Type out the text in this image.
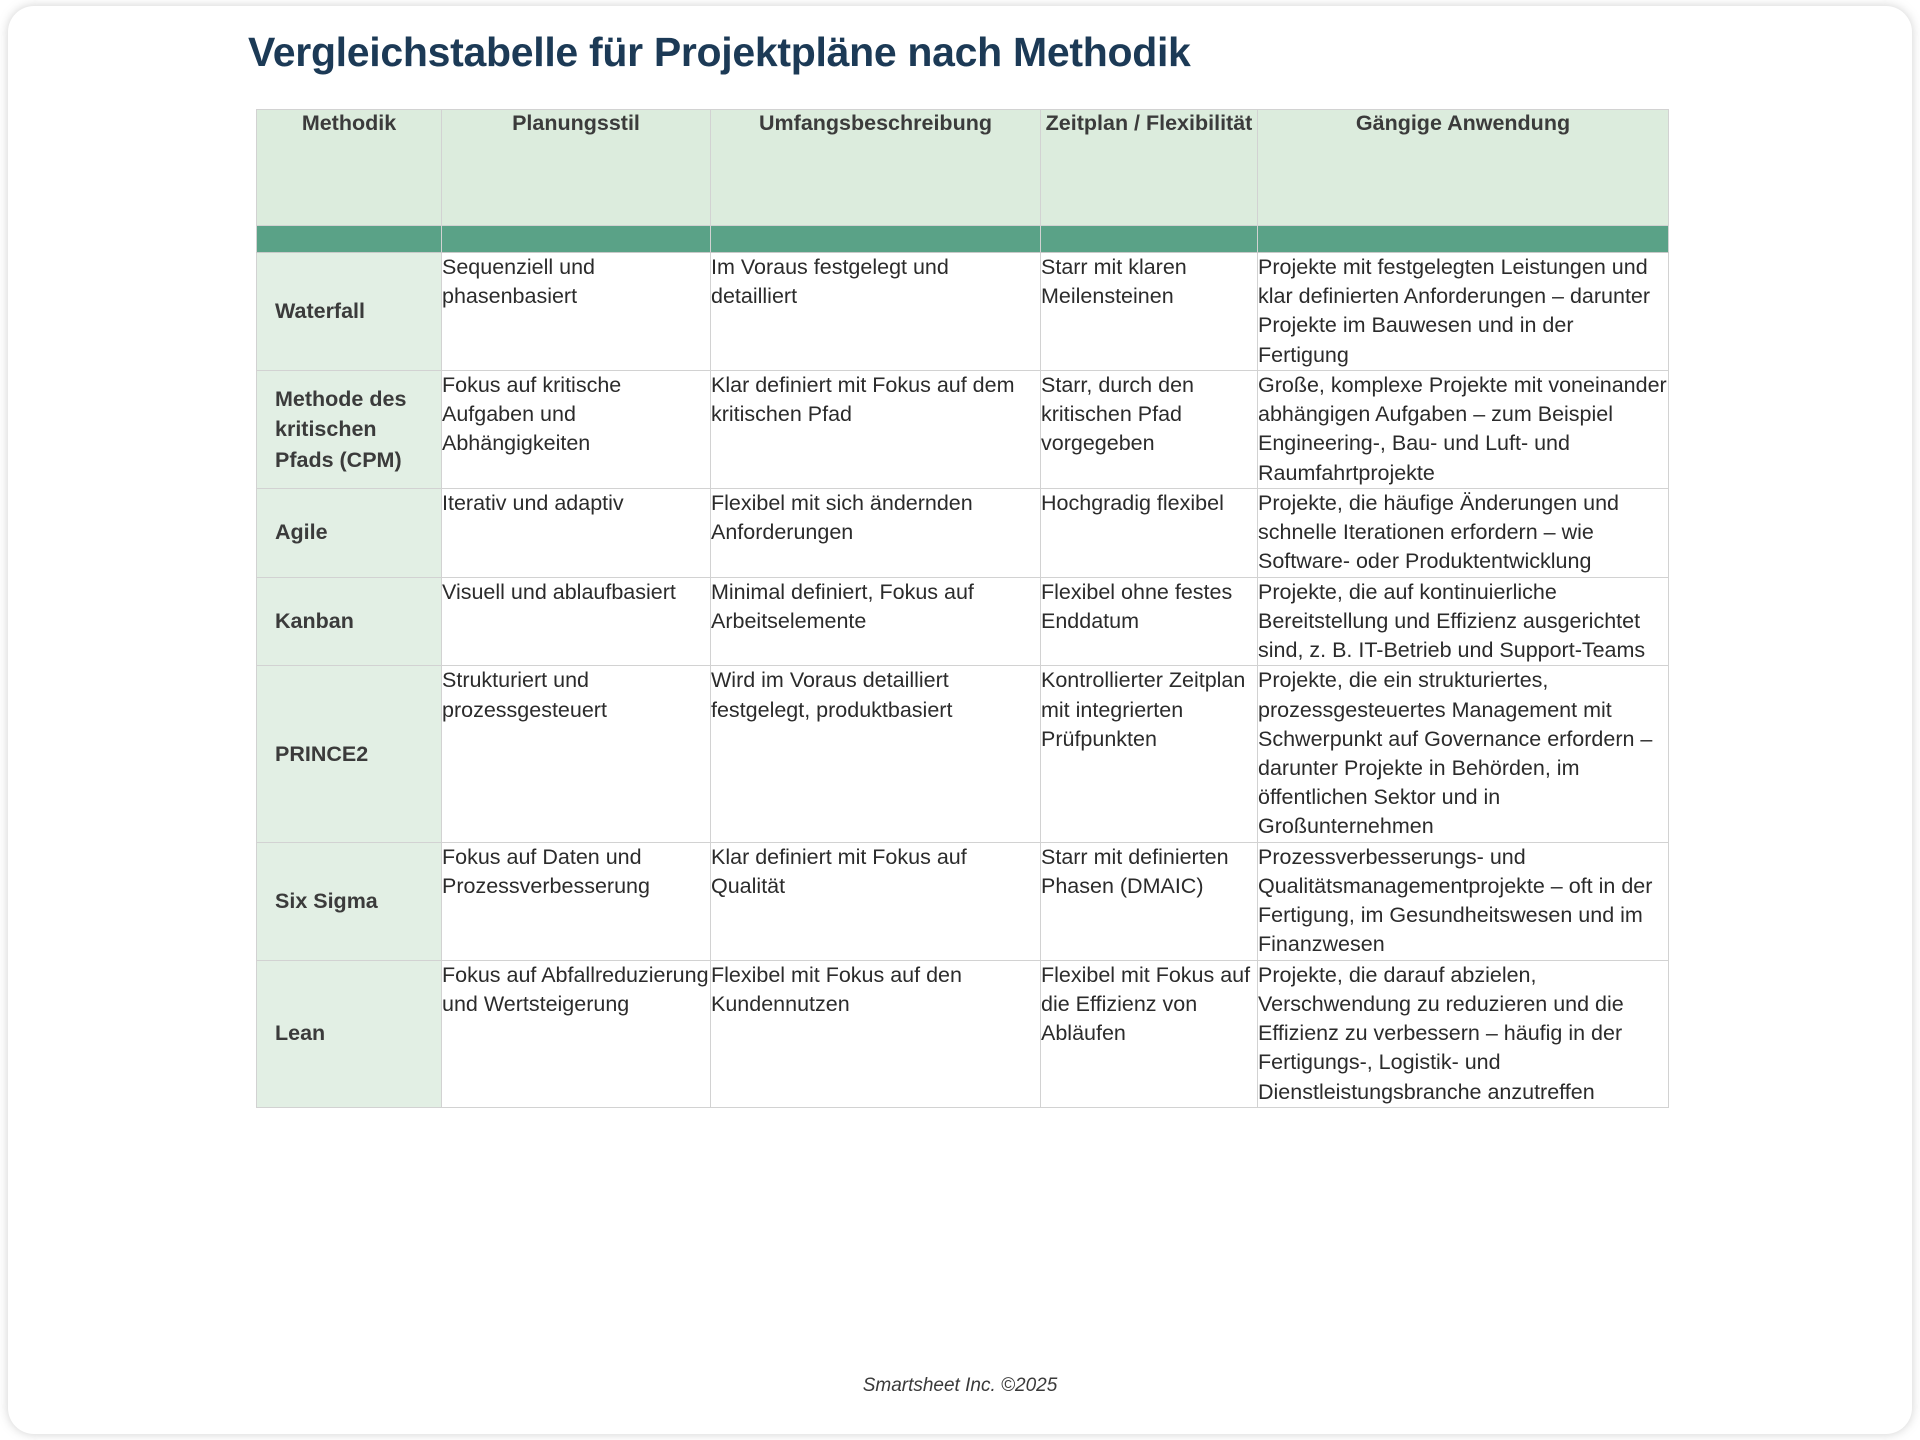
Vergleichstabelle für Projektpläne nach Methodik
Methodik	Planungsstil	Umfangsbeschreibung	Zeitplan / Flexibilität	Gängige Anwendung

Waterfall	Sequenziell und phasenbasiert	Im Voraus festgelegt und detailliert	Starr mit klaren Meilensteinen	Projekte mit festgelegten Leistungen und klar definierten Anforderungen – darunter Projekte im Bauwesen und in der Fertigung
Methode des kritischen Pfads (CPM)	Fokus auf kritische Aufgaben und Abhängigkeiten	Klar definiert mit Fokus auf dem kritischen Pfad	Starr, durch den kritischen Pfad vorgegeben	Große, komplexe Projekte mit voneinander abhängigen Aufgaben – zum Beispiel Engineering-, Bau- und Luft- und Raumfahrtprojekte
Agile	Iterativ und adaptiv	Flexibel mit sich ändernden Anforderungen	Hochgradig flexibel	Projekte, die häufige Änderungen und schnelle Iterationen erfordern – wie Software- oder Produktentwicklung
Kanban	Visuell und ablaufbasiert	Minimal definiert, Fokus auf Arbeitselemente	Flexibel ohne festes Enddatum	Projekte, die auf kontinuierliche Bereitstellung und Effizienz ausgerichtet sind, z. B. IT-Betrieb und Support-Teams
PRINCE2	Strukturiert und prozessgesteuert	Wird im Voraus detailliert festgelegt, produktbasiert	Kontrollierter Zeitplan mit integrierten Prüfpunkten	Projekte, die ein strukturiertes, prozessgesteuertes Management mit Schwerpunkt auf Governance erfordern – darunter Projekte in Behörden, im öffentlichen Sektor und in Großunternehmen
Six Sigma	Fokus auf Daten und Prozessverbesserung	Klar definiert mit Fokus auf Qualität	Starr mit definierten Phasen (DMAIC)	Prozessverbesserungs- und Qualitätsmanagementprojekte – oft in der Fertigung, im Gesundheitswesen und im Finanzwesen
Lean	Fokus auf Abfallreduzierung und Wertsteigerung	Flexibel mit Fokus auf den Kundennutzen	Flexibel mit Fokus auf die Effizienz von Abläufen	Projekte, die darauf abzielen, Verschwendung zu reduzieren und die Effizienz zu verbessern – häufig in der Fertigungs-, Logistik- und Dienstleistungsbranche anzutreffen
Smartsheet Inc. ©2025
